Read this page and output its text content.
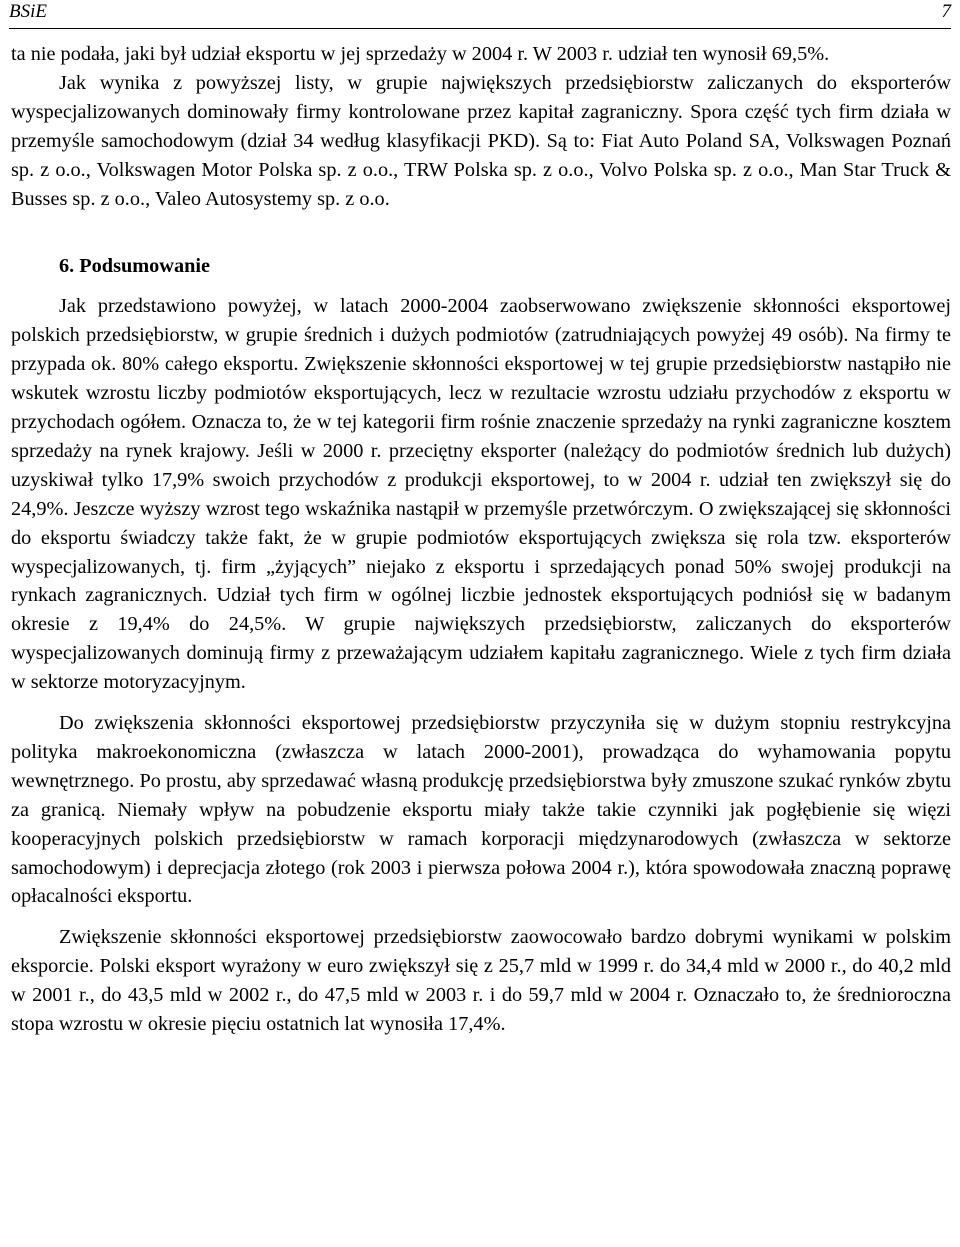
BSiE	7

ta nie podała, jaki był udział eksportu w jej sprzedaży w 2004 r. W 2003 r. udział ten wynosił 69,5%.

Jak wynika z powyższej listy, w grupie największych przedsiębiorstw zaliczanych do eksporterów wyspecjalizowanych dominowały firmy kontrolowane przez kapitał zagraniczny. Spora część tych firm działa w przemyśle samochodowym (dział 34 według klasyfikacji PKD). Są to: Fiat Auto Poland SA, Volkswagen Poznań sp. z o.o., Volkswagen Motor Polska sp. z o.o., TRW Polska sp. z o.o., Volvo Polska sp. z o.o., Man Star Truck & Busses sp. z o.o., Valeo Autosystemy sp. z o.o.

6. Podsumowanie

Jak przedstawiono powyżej, w latach 2000-2004 zaobserwowano zwiększenie skłonności eksportowej polskich przedsiębiorstw, w grupie średnich i dużych podmiotów (zatrudniających powyżej 49 osób). Na firmy te przypada ok. 80% całego eksportu. Zwiększenie skłonności eksportowej w tej grupie przedsiębiorstw nastąpiło nie wskutek wzrostu liczby podmiotów eksportujących, lecz w rezultacie wzrostu udziału przychodów z eksportu w przychodach ogółem. Oznacza to, że w tej kategorii firm rośnie znaczenie sprzedaży na rynki zagraniczne kosztem sprzedaży na rynek krajowy. Jeśli w 2000 r. przeciętny eksporter (należący do podmiotów średnich lub dużych) uzyskiwał tylko 17,9% swoich przychodów z produkcji eksportowej, to w 2004 r. udział ten zwiększył się do 24,9%. Jeszcze wyższy wzrost tego wskaźnika nastąpił w przemyśle przetwórczym. O zwiększającej się skłonności do eksportu świadczy także fakt, że w grupie podmiotów eksportujących zwiększa się rola tzw. eksporterów wyspecjalizowanych, tj. firm „żyjących” niejako z eksportu i sprzedających ponad 50% swojej produkcji na rynkach zagranicznych. Udział tych firm w ogólnej liczbie jednostek eksportujących podniósł się w badanym okresie z 19,4% do 24,5%. W grupie największych przedsiębiorstw, zaliczanych do eksporterów wyspecjalizowanych dominują firmy z przeważającym udziałem kapitału zagranicznego. Wiele z tych firm działa w sektorze motoryzacyjnym.

Do zwiększenia skłonności eksportowej przedsiębiorstw przyczyniła się w dużym stopniu restrykcyjna polityka makroekonomiczna (zwłaszcza w latach 2000-2001), prowadząca do wyhamowania popytu wewnętrznego. Po prostu, aby sprzedawać własną produkcję przedsiębiorstwa były zmuszone szukać rynków zbytu za granicą. Niemały wpływ na pobudzenie eksportu miały także takie czynniki jak pogłębienie się więzi kooperacyjnych polskich przedsiębiorstw w ramach korporacji międzynarodowych (zwłaszcza w sektorze samochodowym) i deprecjacja złotego (rok 2003 i pierwsza połowa 2004 r.), która spowodowała znaczną poprawę opłacalności eksportu.

Zwiększenie skłonności eksportowej przedsiębiorstw zaowocowało bardzo dobrymi wynikami w polskim eksporcie. Polski eksport wyrażony w euro zwiększył się z 25,7 mld w 1999 r. do 34,4 mld w 2000 r., do 40,2 mld w 2001 r., do 43,5 mld w 2002 r., do 47,5 mld w 2003 r. i do 59,7 mld w 2004 r. Oznaczało to, że średnioroczna stopa wzrostu w okresie pięciu ostatnich lat wynosiła 17,4%.
